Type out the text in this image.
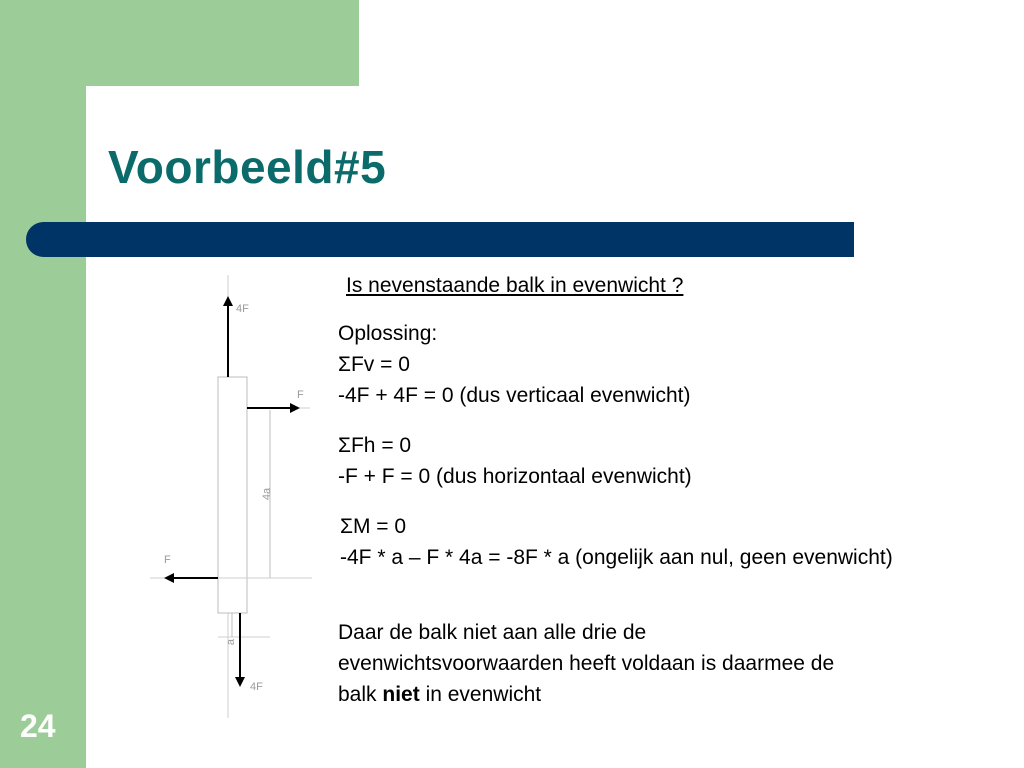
Voorbeeld#5
Is nevenstaande balk in evenwicht ?
Oplossing:
ΣFv = 0
-4F + 4F = 0 (dus verticaal evenwicht)
ΣFh = 0
-F + F = 0 (dus horizontaal evenwicht)
ΣM = 0
-4F * a – F * 4a = -8F * a (ongelijk aan nul, geen evenwicht)
Daar de balk niet aan alle drie de
evenwichtsvoorwaarden heeft voldaan is daarmee de
balk niet in evenwicht
4a
a
4F
F
F
4F
24
